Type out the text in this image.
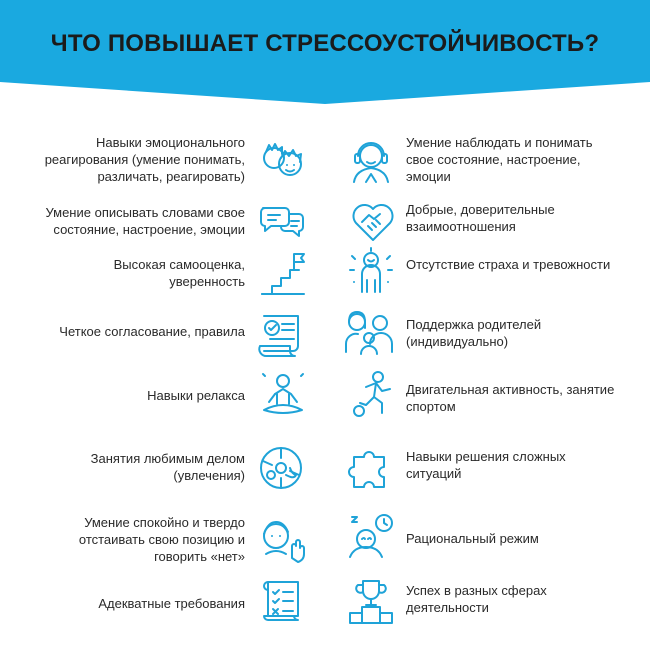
ЧТО ПОВЫШАЕТ СТРЕССОУСТОЙЧИВОСТЬ?
Навыки эмоционального реагирования (умение понимать, различать, реагировать)
Умение описывать словами свое состояние, настроение, эмоции
Высокая самооценка, уверенность
Четкое согласование, правила
Навыки релакса
Занятия любимым делом (увлечения)
Умение спокойно и твердо отстаивать свою позицию и говорить «нет»
Адекватные требования
Умение наблюдать и понимать свое состояние, настроение, эмоции
Добрые, доверительные взаимоотношения
Отсутствие страха и тревожности
Поддержка родителей (индивидуально)
Двигательная активность, занятие спортом
Навыки решения сложных ситуаций
Рациональный режим
Успех в разных сферах деятельности
